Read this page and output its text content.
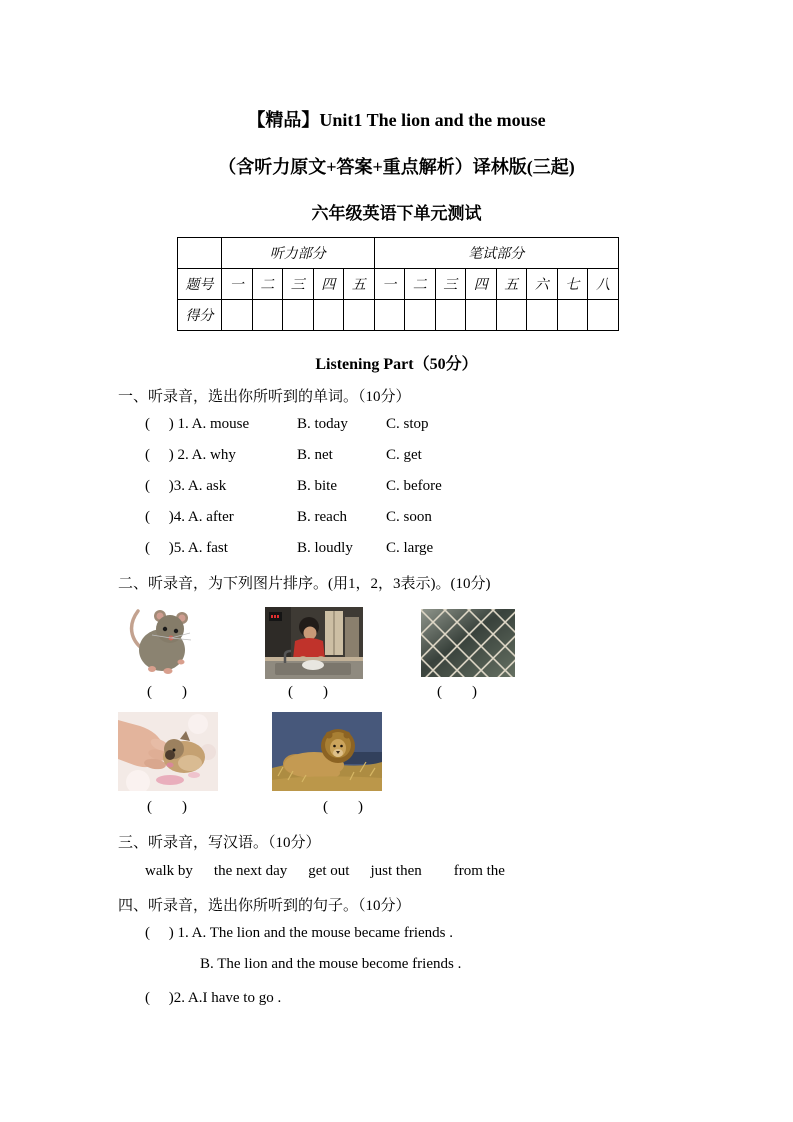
【精品】Unit1 The lion and the mouse
（含听力原文+答案+重点解析）译林版(三起)
六年级英语下单元测试
	听力部分					笔试部分							
题号	一	二	三	四	五	一	二	三	四	五	六	七	八
得分													
Listening Part（50分）
一、听录音，选出你所听到的单词。（10分）
(     ) 1. A. mouse	B. today	C. stop
(     ) 2. A. why	B. net	C. get
(     )3. A. ask	B. bite	C. before
(     )4. A. after	B. reach	C. soon
(     )5. A. fast	B. loudly C. large
二、听录音，为下列图片排序。(用1，2，3表示)。(10分)
(        )	(        )	(        )
(        )	(        )
三、听录音，写汉语。（10分）
walk by the next day get out just then from the
四、听录音，选出你所听到的句子。（10分）
(     ) 1. A. The lion and the mouse became friends .
B. The lion and the mouse become friends .
(     )2. A.I have to go .
